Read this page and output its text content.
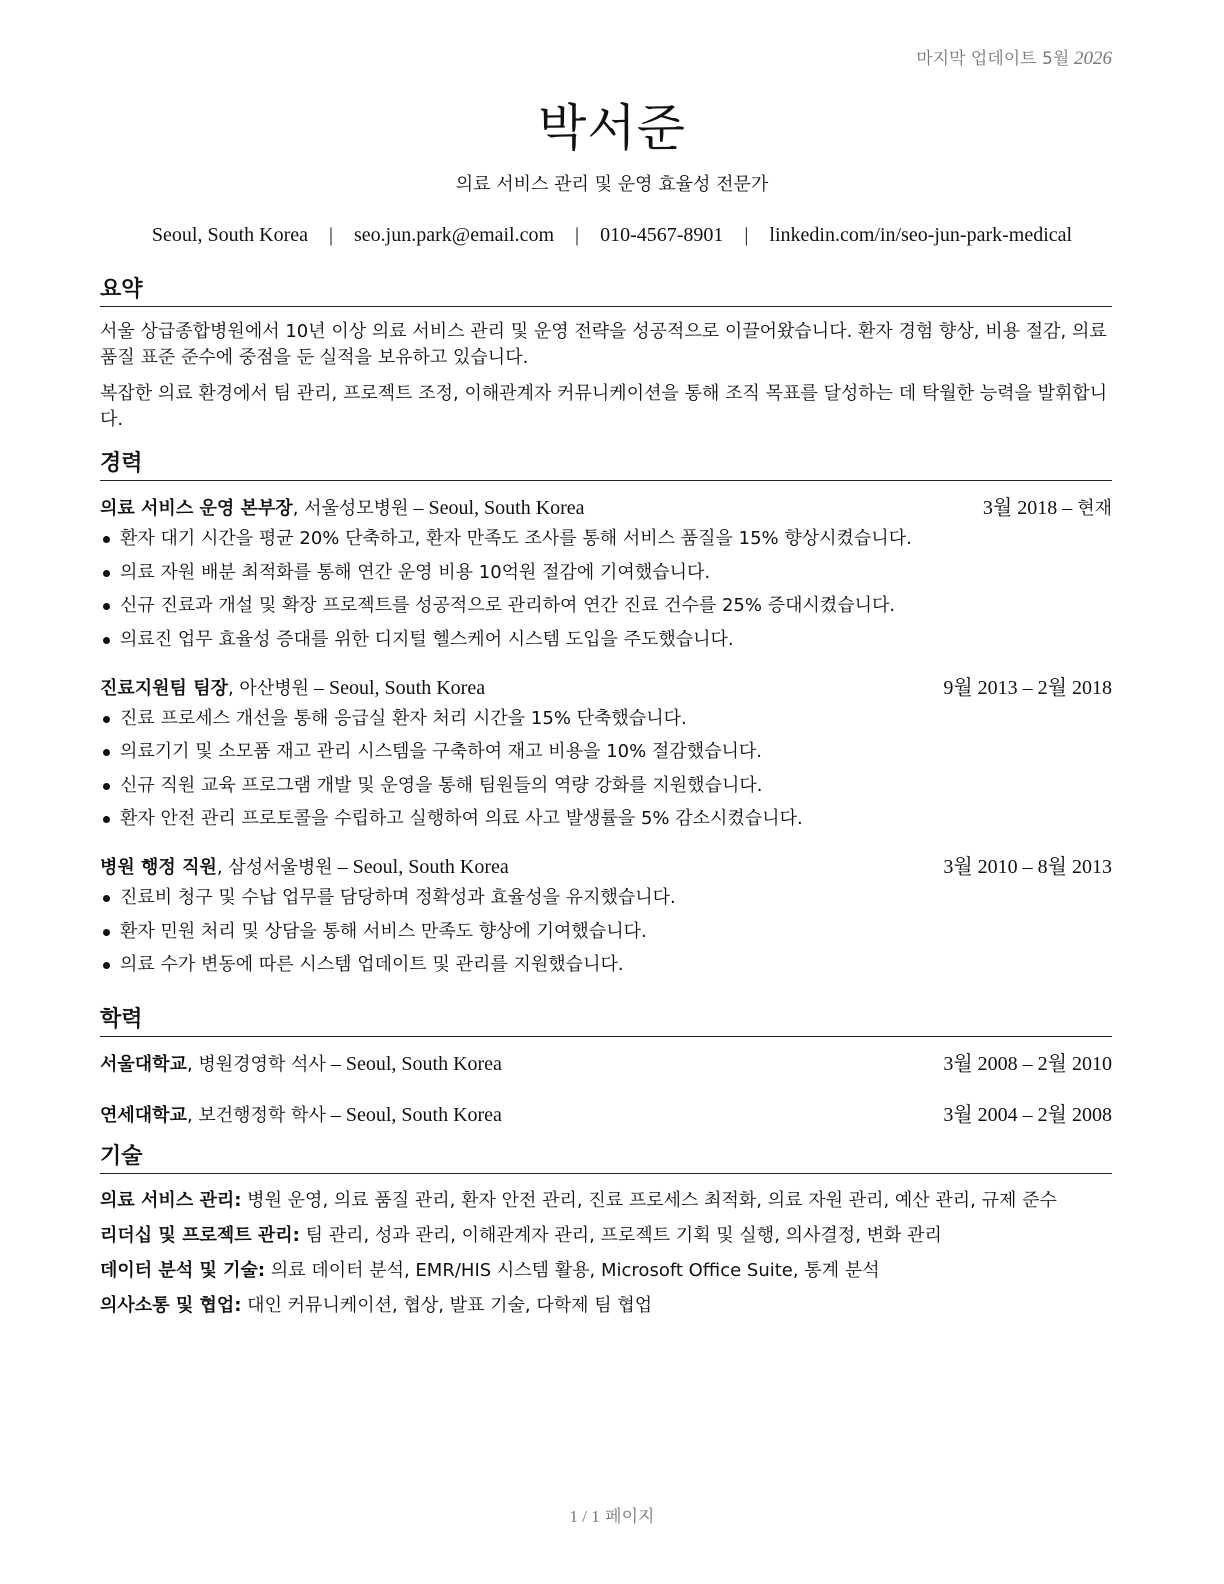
마지막 업데이트 5월 2026
박서준
의료 서비스 관리 및 운영 효율성 전문가
Seoul, South Korea | seo.jun.park@email.com | 010-4567-8901 | linkedin.com/in/seo-jun-park-medical
요약

서울 상급종합병원에서 10년 이상 의료 서비스 관리 및 운영 전략을 성공적으로 이끌어왔습니다. 환자 경험 향상, 비용 절감, 의료 품질 표준 준수에 중점을 둔 실적을 보유하고 있습니다.

복잡한 의료 환경에서 팀 관리, 프로젝트 조정, 이해관계자 커뮤니케이션을 통해 조직 목표를 달성하는 데 탁월한 능력을 발휘합니다.

경력
의료 서비스 운영 본부장, 서울성모병원 – Seoul, South Korea	3월 2018 – 현재
환자 대기 시간을 평균 20% 단축하고, 환자 만족도 조사를 통해 서비스 품질을 15% 향상시켰습니다.
의료 자원 배분 최적화를 통해 연간 운영 비용 10억원 절감에 기여했습니다.
신규 진료과 개설 및 확장 프로젝트를 성공적으로 관리하여 연간 진료 건수를 25% 증대시켰습니다.
의료진 업무 효율성 증대를 위한 디지털 헬스케어 시스템 도입을 주도했습니다.
진료지원팀 팀장, 아산병원 – Seoul, South Korea	9월 2013 – 2월 2018
진료 프로세스 개선을 통해 응급실 환자 처리 시간을 15% 단축했습니다.
의료기기 및 소모품 재고 관리 시스템을 구축하여 재고 비용을 10% 절감했습니다.
신규 직원 교육 프로그램 개발 및 운영을 통해 팀원들의 역량 강화를 지원했습니다.
환자 안전 관리 프로토콜을 수립하고 실행하여 의료 사고 발생률을 5% 감소시켰습니다.
병원 행정 직원, 삼성서울병원 – Seoul, South Korea	3월 2010 – 8월 2013
진료비 청구 및 수납 업무를 담당하며 정확성과 효율성을 유지했습니다.
환자 민원 처리 및 상담을 통해 서비스 만족도 향상에 기여했습니다.
의료 수가 변동에 따른 시스템 업데이트 및 관리를 지원했습니다.
학력
서울대학교, 병원경영학 석사 – Seoul, South Korea	3월 2008 – 2월 2010
연세대학교, 보건행정학 학사 – Seoul, South Korea	3월 2004 – 2월 2008
기술
의료 서비스 관리: 병원 운영, 의료 품질 관리, 환자 안전 관리, 진료 프로세스 최적화, 의료 자원 관리, 예산 관리, 규제 준수
리더십 및 프로젝트 관리: 팀 관리, 성과 관리, 이해관계자 관리, 프로젝트 기획 및 실행, 의사결정, 변화 관리
데이터 분석 및 기술: 의료 데이터 분석, EMR/HIS 시스템 활용, Microsoft Office Suite, 통계 분석
의사소통 및 협업: 대인 커뮤니케이션, 협상, 발표 기술, 다학제 팀 협업
1 / 1 페이지
